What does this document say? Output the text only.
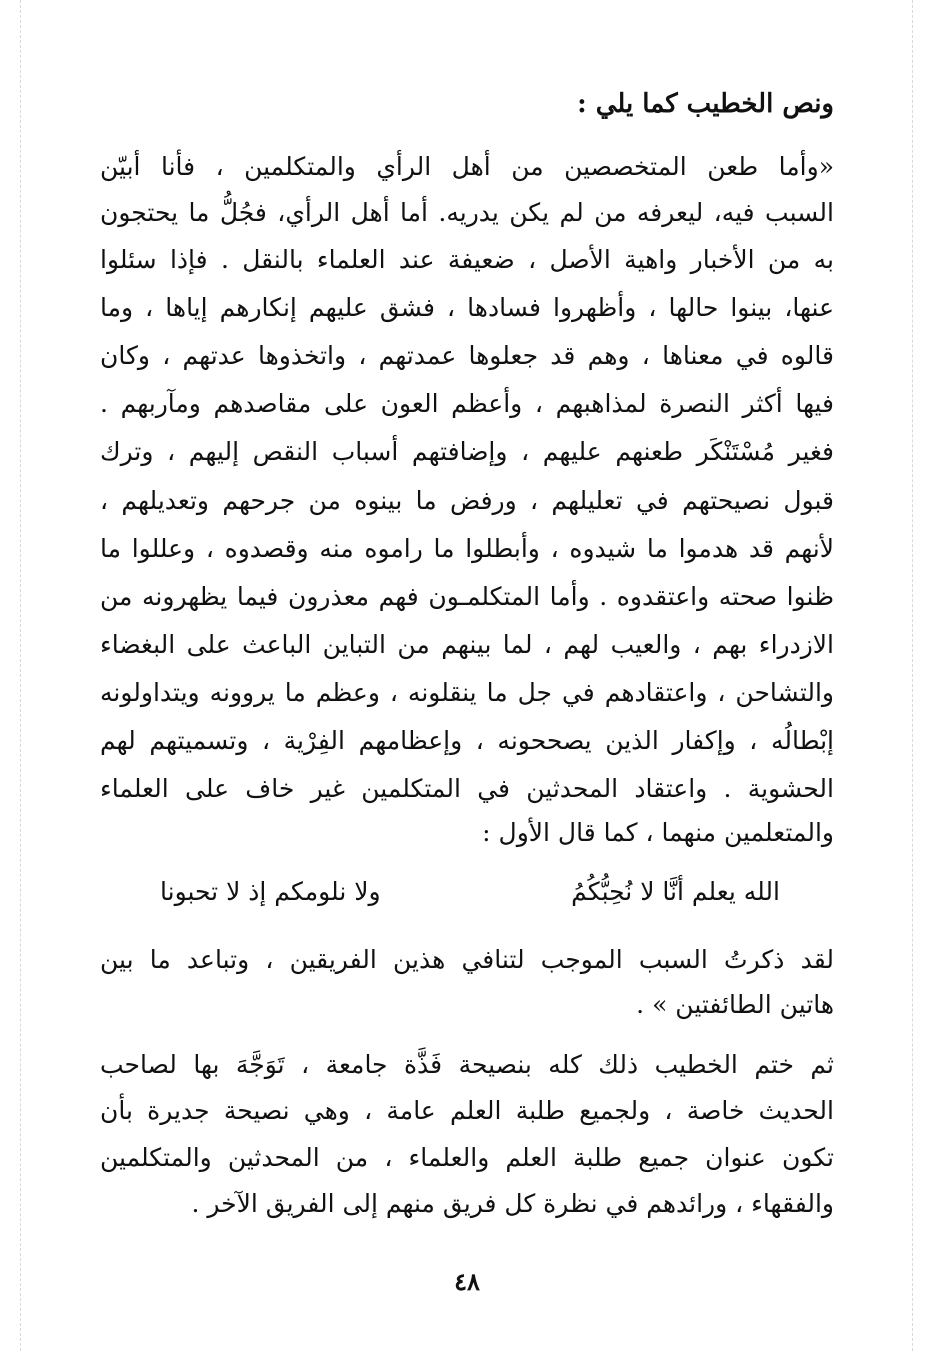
ونص الخطيب كما يلي :
«وأما طعن المتخصصين من أهل الرأي والمتكلمين ، فأنا أبيّن
السبب فيه، ليعرفه من لم يكن يدريه. أما أهل الرأي، فجُلُّ ما يحتجون
به من الأخبار واهية الأصل ، ضعيفة عند العلماء بالنقل . فإذا سئلوا
عنها، بينوا حالها ، وأظهروا فسادها ، فشق عليهم إنكارهم إياها ، وما
قالوه في معناها ، وهم قد جعلوها عمدتهم ، واتخذوها عدتهم ، وكان
فيها أكثر النصرة لمذاهبهم ، وأعظم العون على مقاصدهم ومآربهم .
فغير مُسْتَنْكَر طعنهم عليهم ، وإضافتهم أسباب النقص إليهم ، وترك
قبول نصيحتهم في تعليلهم ، ورفض ما بينوه من جرحهم وتعديلهم ،
لأنهم قد هدموا ما شيدوه ، وأبطلوا ما راموه منه وقصدوه ، وعللوا ما
ظنوا صحته واعتقدوه . وأما المتكلمـون فهم معذرون فيما يظهرونه من
الازدراء بهم ، والعيب لهم ، لما بينهم من التباين الباعث على البغضاء
والتشاحن ، واعتقادهم في جل ما ينقلونه ، وعظم ما يروونه ويتداولونه
إبْطالُه ، وإكفار الذين يصححونه ، وإعظامهم الفِرْية ، وتسميتهم لهم
الحشوية . واعتقاد المحدثين في المتكلمين غير خاف على العلماء
والمتعلمين منهما ، كما قال الأول :
الله يعلم أنَّا لا نُحِبُّكُمُ
ولا نلومكم إذ لا تحبونا
لقد ذكرتُ السبب الموجب لتنافي هذين الفريقين ، وتباعد ما بين
هاتين الطائفتين » .
ثم ختم الخطيب ذلك كله بنصيحة فَذَّة جامعة ، تَوَجَّهَ بها لصاحب
الحديث خاصة ، ولجميع طلبة العلم عامة ، وهي نصيحة جديرة بأن
تكون عنوان جميع طلبة العلم والعلماء ، من المحدثين والمتكلمين
والفقهاء ، ورائدهم في نظرة كل فريق منهم إلى الفريق الآخر .
٤٨
